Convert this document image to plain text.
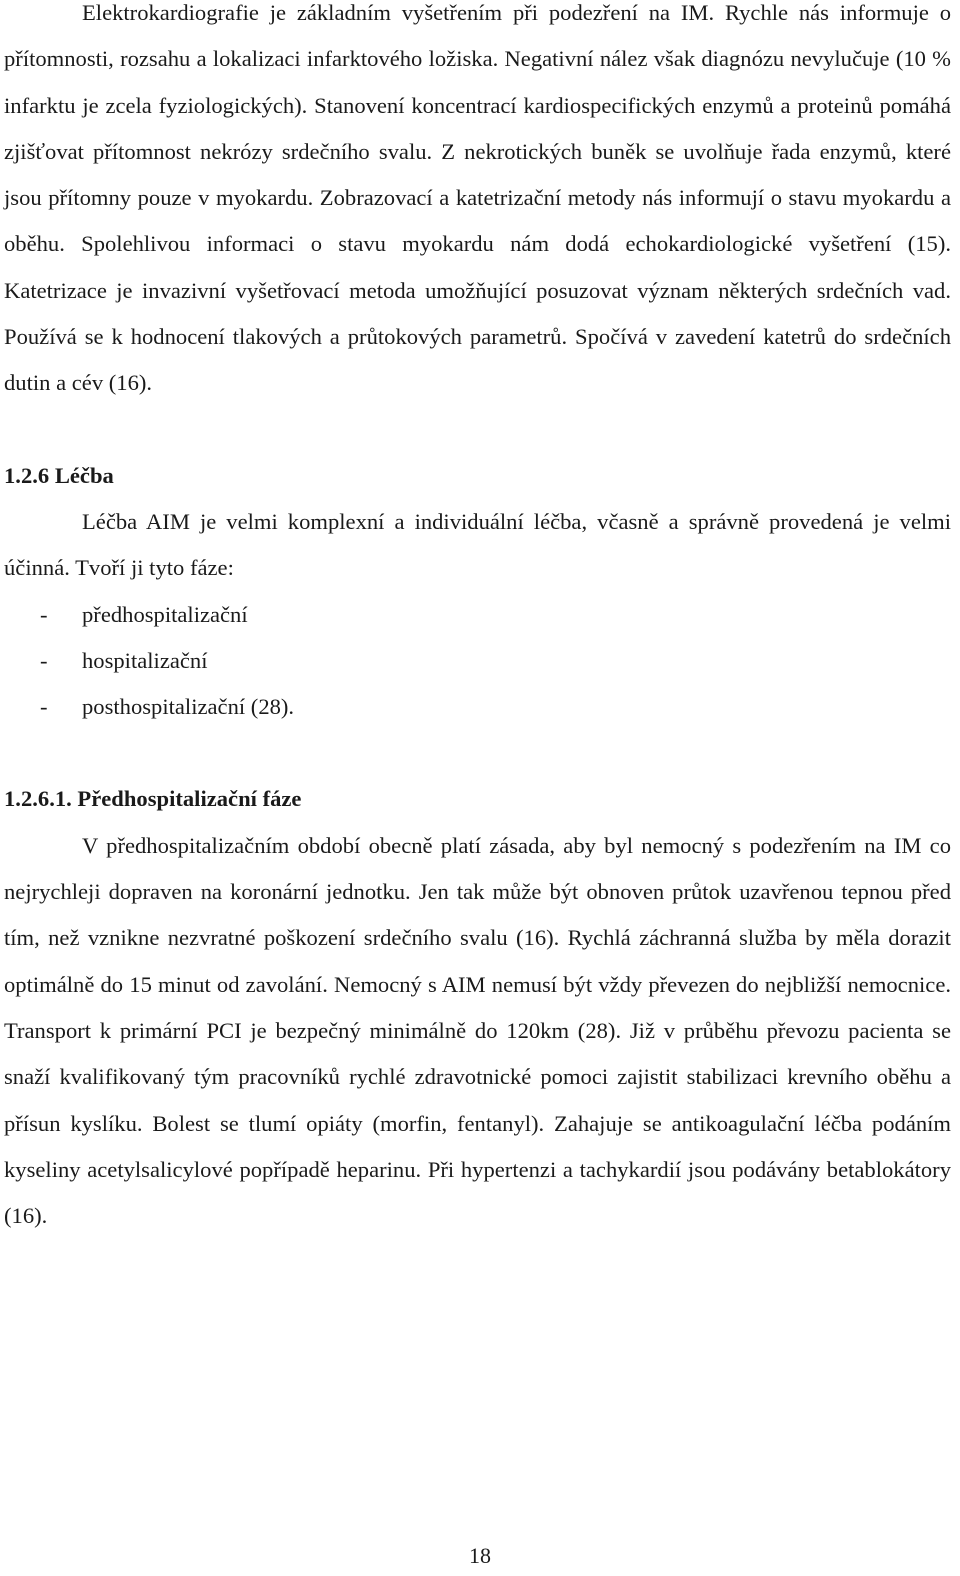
Elektrokardiografie je základním vyšetřením při podezření na IM. Rychle nás informuje o přítomnosti, rozsahu a lokalizaci infarktového ložiska. Negativní nález však diagnózu nevylučuje (10 % infarktu je zcela fyziologických). Stanovení koncentrací kardiospecifických enzymů a proteinů pomáhá zjišťovat přítomnost nekrózy srdečního svalu. Z nekrotických buněk se uvolňuje řada enzymů, které jsou přítomny pouze v myokardu. Zobrazovací a katetrizační metody nás informují o stavu myokardu a oběhu. Spolehlivou informaci o stavu myokardu nám dodá echokardiologické vyšetření (15). Katetrizace je invazivní vyšetřovací metoda umožňující posuzovat význam některých srdečních vad. Používá se k hodnocení tlakových a průtokových parametrů. Spočívá v zavedení katetrů do srdečních dutin a cév (16).

1.2.6 Léčba

Léčba AIM je velmi komplexní a individuální léčba, včasně a správně provedená je velmi účinná. Tvoří ji tyto fáze:

- předhospitalizační
- hospitalizační
- posthospitalizační (28).
1.2.6.1. Předhospitalizační fáze

V předhospitalizačním období obecně platí zásada, aby byl nemocný s podezřením na IM co nejrychleji dopraven na koronární jednotku. Jen tak může být obnoven průtok uzavřenou tepnou před tím, než vznikne nezvratné poškození srdečního svalu (16). Rychlá záchranná služba by měla dorazit optimálně do 15 minut od zavolání. Nemocný s AIM nemusí být vždy převezen do nejbližší nemocnice. Transport k primární PCI je bezpečný minimálně do 120km (28). Již v průběhu převozu pacienta se snaží kvalifikovaný tým pracovníků rychlé zdravotnické pomoci zajistit stabilizaci krevního oběhu a přísun kyslíku. Bolest se tlumí opiáty (morfin, fentanyl). Zahajuje se antikoagulační léčba podáním kyseliny acetylsalicylové popřípadě heparinu. Při hypertenzi a tachykardií jsou podávány betablokátory (16).

18
